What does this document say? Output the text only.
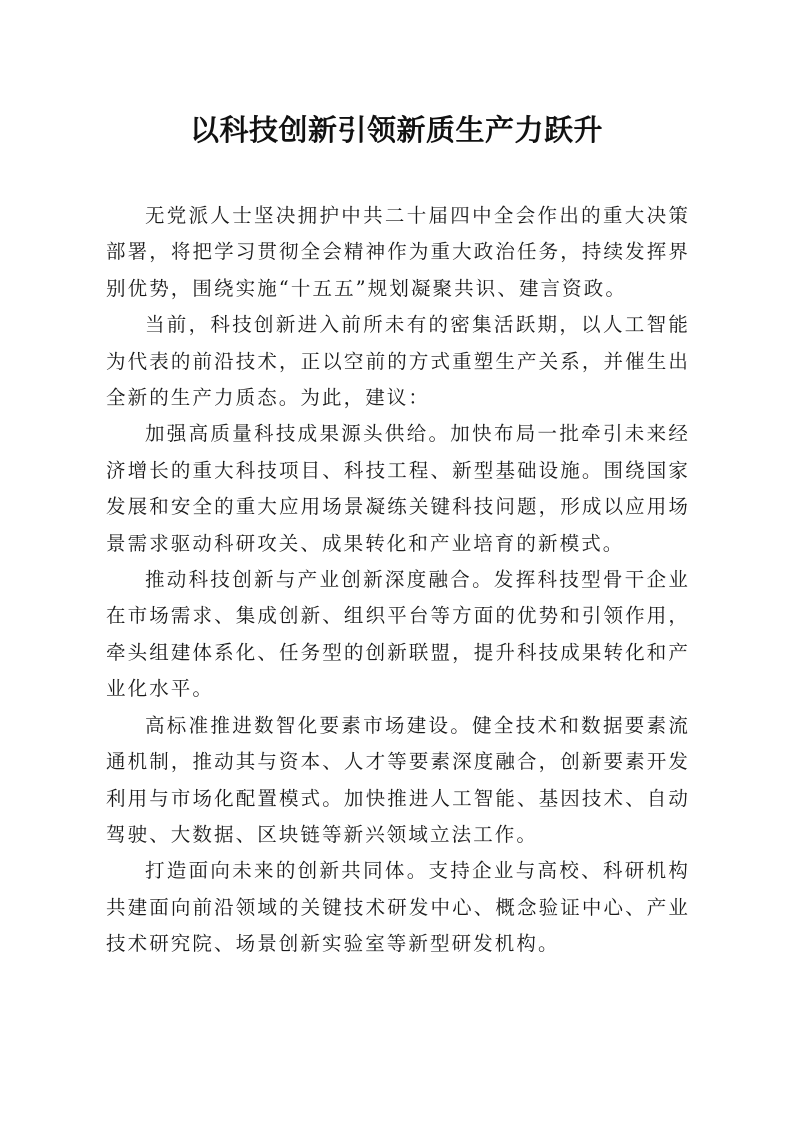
以科技创新引领新质生产力跃升

无党派人士坚决拥护中共二十届四中全会作出的重大决策部署，将把学习贯彻全会精神作为重大政治任务，持续发挥界别优势，围绕实施“十五五”规划凝聚共识、建言资政。

当前，科技创新进入前所未有的密集活跃期，以人工智能为代表的前沿技术，正以空前的方式重塑生产关系，并催生出全新的生产力质态。为此，建议：

加强高质量科技成果源头供给。加快布局一批牵引未来经济增长的重大科技项目、科技工程、新型基础设施。围绕国家发展和安全的重大应用场景凝练关键科技问题，形成以应用场景需求驱动科研攻关、成果转化和产业培育的新模式。

推动科技创新与产业创新深度融合。发挥科技型骨干企业在市场需求、集成创新、组织平台等方面的优势和引领作用，牵头组建体系化、任务型的创新联盟，提升科技成果转化和产业化水平。

高标准推进数智化要素市场建设。健全技术和数据要素流通机制，推动其与资本、人才等要素深度融合，创新要素开发利用与市场化配置模式。加快推进人工智能、基因技术、自动驾驶、大数据、区块链等新兴领域立法工作。

打造面向未来的创新共同体。支持企业与高校、科研机构共建面向前沿领域的关键技术研发中心、概念验证中心、产业技术研究院、场景创新实验室等新型研发机构。
